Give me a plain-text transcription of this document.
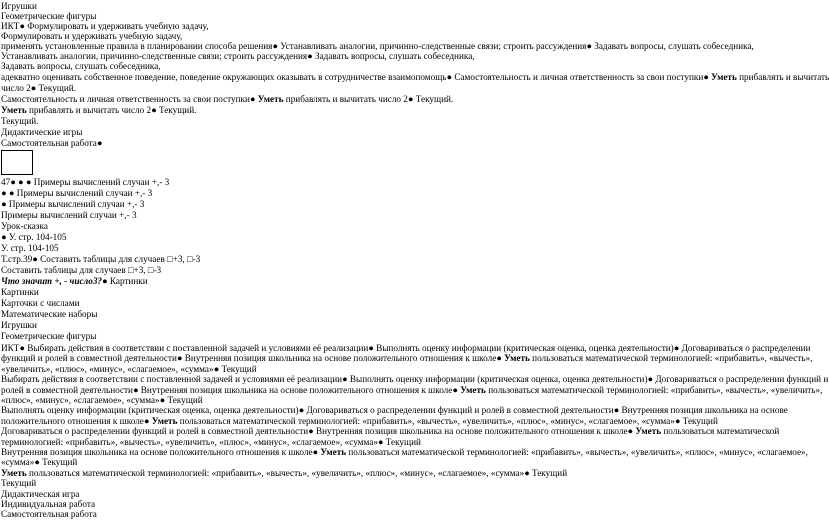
Игрушки
Геометрические фигуры
ИКТ● Формулировать и удерживать учебную задачу,
Формулировать и удерживать учебную задачу,
применять установленные правила в планировании способа решения● Устанавливать аналогии, причинно-следственные связи; строить рассуждения● Задавать вопросы, слушать собеседника,
Устанавливать аналогии, причинно-следственные связи; строить рассуждения● Задавать вопросы, слушать собеседника,
Задавать вопросы, слушать собеседника,
адекватно оценивать собственное поведение, поведение окружающих оказывать в сотрудничестве взаимопомощь● Самостоятельность и личная ответственность за свои поступки● Уметь прибавлять и вычитать
число 2● Текущий.
Самостоятельность и личная ответственность за свои поступки● Уметь прибавлять и вычитать число 2● Текущий.
Уметь прибавлять и вычитать число 2● Текущий.
Текущий.
Дидактические игры
Самостоятельная работа●
47● ● ● Примеры вычислений случаи +,- 3
● ● Примеры вычислений случаи +,- 3
● Примеры вычислений случаи +,- 3
Примеры вычислений случаи +,- 3
Урок-сказка
● У. стр. 104-105
У. стр. 104-105
Т.стр.39● Составить таблицы для случаев □+3, □-3
Составить таблицы для случаев □+3, □-3
Что значит +, - число3?● Картинки
Картинки
Карточки с числами
Математические наборы
Игрушки
Геометрические фигуры
ИКТ● Выбирать действия в соответствии с поставленной задачей и условиями её реализации● Выполнять оценку информации (критическая оценка, оценка деятельности)● Договариваться о распределении
функций и ролей в совместной деятельности● Внутренняя позиция школьника на основе положительного отношения к школе● Уметь пользоваться математической терминологией: «прибавить», «вычесть»,
«увеличить», «плюс», «минус», «слагаемое», «сумма»● Текущий
Выбирать действия в соответствии с поставленной задачей и условиями её реализации● Выполнять оценку информации (критическая оценка, оценка деятельности)● Договариваться о распределении функций и
ролей в совместной деятельности● Внутренняя позиция школьника на основе положительного отношения к школе● Уметь пользоваться математической терминологией: «прибавить», «вычесть», «увеличить»,
«плюс», «минус», «слагаемое», «сумма»● Текущий
Выполнять оценку информации (критическая оценка, оценка деятельности)● Договариваться о распределении функций и ролей в совместной деятельности● Внутренняя позиция школьника на основе
положительного отношения к школе● Уметь пользоваться математической терминологией: «прибавить», «вычесть», «увеличить», «плюс», «минус», «слагаемое», «сумма»● Текущий
Договариваться о распределении функций и ролей в совместной деятельности● Внутренняя позиция школьника на основе положительного отношения к школе● Уметь пользоваться математической
терминологией: «прибавить», «вычесть», «увеличить», «плюс», «минус», «слагаемое», «сумма»● Текущий
Внутренняя позиция школьника на основе положительного отношения к школе● Уметь пользоваться математической терминологией: «прибавить», «вычесть», «увеличить», «плюс», «минус», «слагаемое»,
«сумма»● Текущий
Уметь пользоваться математической терминологией: «прибавить», «вычесть», «увеличить», «плюс», «минус», «слагаемое», «сумма»● Текущий
Текущий
Дидактическая игра
Индивидуальная работа
Самостоятельная работа
